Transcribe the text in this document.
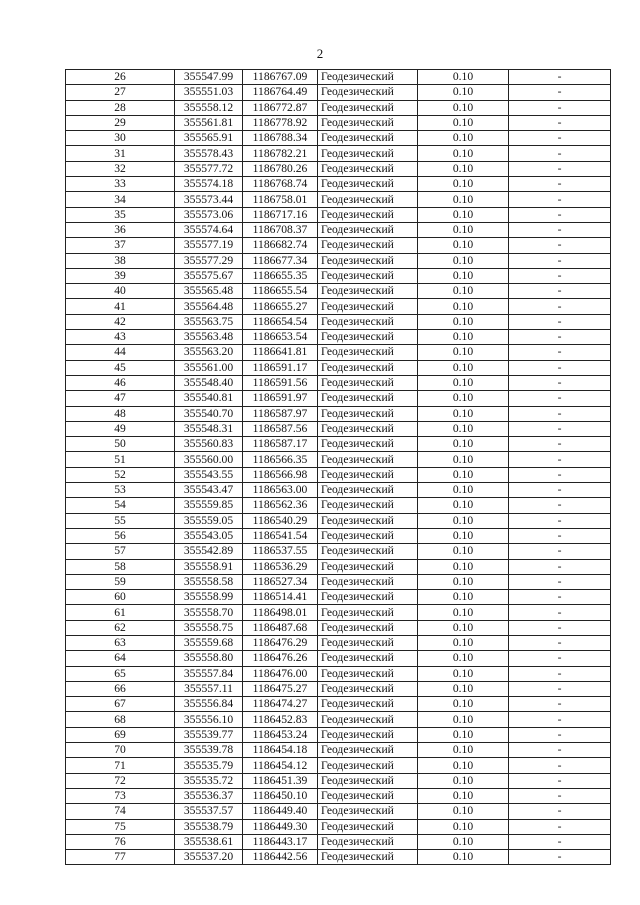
2
26	355547.99	1186767.09	Геодезический	0.10	-
27	355551.03	1186764.49	Геодезический	0.10	-
28	355558.12	1186772.87	Геодезический	0.10	-
29	355561.81	1186778.92	Геодезический	0.10	-
30	355565.91	1186788.34	Геодезический	0.10	-
31	355578.43	1186782.21	Геодезический	0.10	-
32	355577.72	1186780.26	Геодезический	0.10	-
33	355574.18	1186768.74	Геодезический	0.10	-
34	355573.44	1186758.01	Геодезический	0.10	-
35	355573.06	1186717.16	Геодезический	0.10	-
36	355574.64	1186708.37	Геодезический	0.10	-
37	355577.19	1186682.74	Геодезический	0.10	-
38	355577.29	1186677.34	Геодезический	0.10	-
39	355575.67	1186655.35	Геодезический	0.10	-
40	355565.48	1186655.54	Геодезический	0.10	-
41	355564.48	1186655.27	Геодезический	0.10	-
42	355563.75	1186654.54	Геодезический	0.10	-
43	355563.48	1186653.54	Геодезический	0.10	-
44	355563.20	1186641.81	Геодезический	0.10	-
45	355561.00	1186591.17	Геодезический	0.10	-
46	355548.40	1186591.56	Геодезический	0.10	-
47	355540.81	1186591.97	Геодезический	0.10	-
48	355540.70	1186587.97	Геодезический	0.10	-
49	355548.31	1186587.56	Геодезический	0.10	-
50	355560.83	1186587.17	Геодезический	0.10	-
51	355560.00	1186566.35	Геодезический	0.10	-
52	355543.55	1186566.98	Геодезический	0.10	-
53	355543.47	1186563.00	Геодезический	0.10	-
54	355559.85	1186562.36	Геодезический	0.10	-
55	355559.05	1186540.29	Геодезический	0.10	-
56	355543.05	1186541.54	Геодезический	0.10	-
57	355542.89	1186537.55	Геодезический	0.10	-
58	355558.91	1186536.29	Геодезический	0.10	-
59	355558.58	1186527.34	Геодезический	0.10	-
60	355558.99	1186514.41	Геодезический	0.10	-
61	355558.70	1186498.01	Геодезический	0.10	-
62	355558.75	1186487.68	Геодезический	0.10	-
63	355559.68	1186476.29	Геодезический	0.10	-
64	355558.80	1186476.26	Геодезический	0.10	-
65	355557.84	1186476.00	Геодезический	0.10	-
66	355557.11	1186475.27	Геодезический	0.10	-
67	355556.84	1186474.27	Геодезический	0.10	-
68	355556.10	1186452.83	Геодезический	0.10	-
69	355539.77	1186453.24	Геодезический	0.10	-
70	355539.78	1186454.18	Геодезический	0.10	-
71	355535.79	1186454.12	Геодезический	0.10	-
72	355535.72	1186451.39	Геодезический	0.10	-
73	355536.37	1186450.10	Геодезический	0.10	-
74	355537.57	1186449.40	Геодезический	0.10	-
75	355538.79	1186449.30	Геодезический	0.10	-
76	355538.61	1186443.17	Геодезический	0.10	-
77	355537.20	1186442.56	Геодезический	0.10	-
